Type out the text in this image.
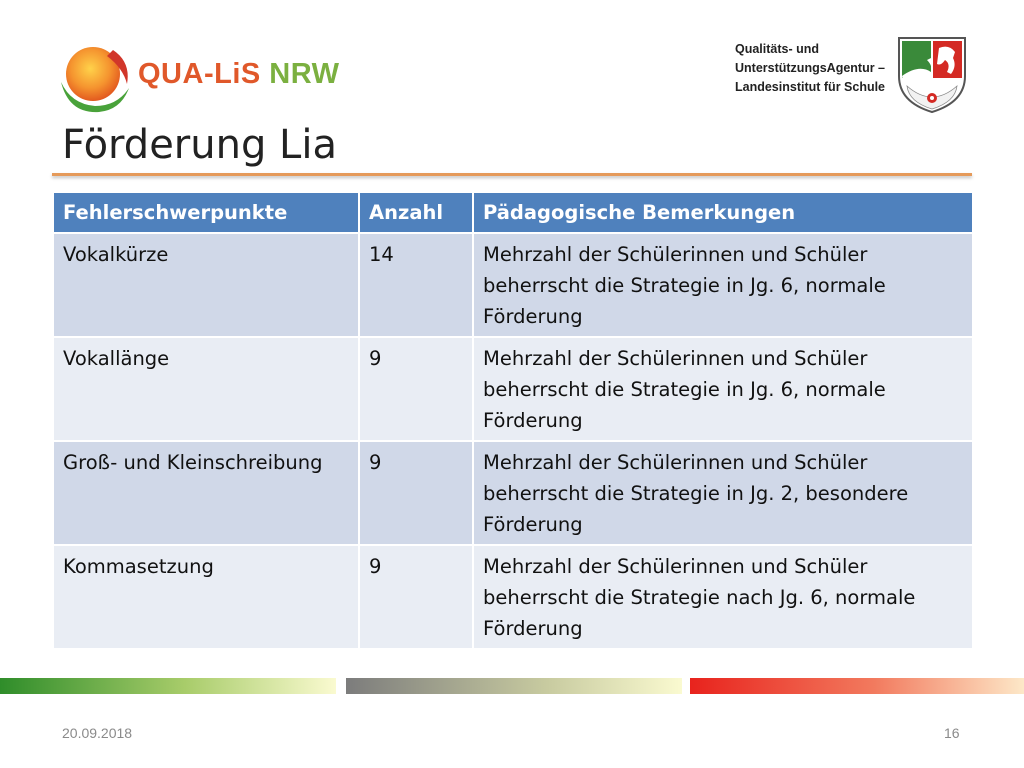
QUA-LiS NRW
Qualitäts- und
UnterstützungsAgentur –
Landesinstitut für Schule
Förderung Lia
Fehlerschwerpunkte	Anzahl	Pädagogische Bemerkungen
Vokalkürze	14	Mehrzahl der Schülerinnen und Schüler beherrscht die Strategie in Jg. 6, normale Förderung
Vokallänge	9	Mehrzahl der Schülerinnen und Schüler beherrscht die Strategie in Jg. 6, normale Förderung
Groß- und Kleinschreibung	9	Mehrzahl der Schülerinnen und Schüler beherrscht die Strategie in Jg. 2, besondere Förderung
Kommasetzung	9	Mehrzahl der Schülerinnen und Schüler beherrscht die Strategie nach Jg. 6, normale Förderung
20.09.2018	16
